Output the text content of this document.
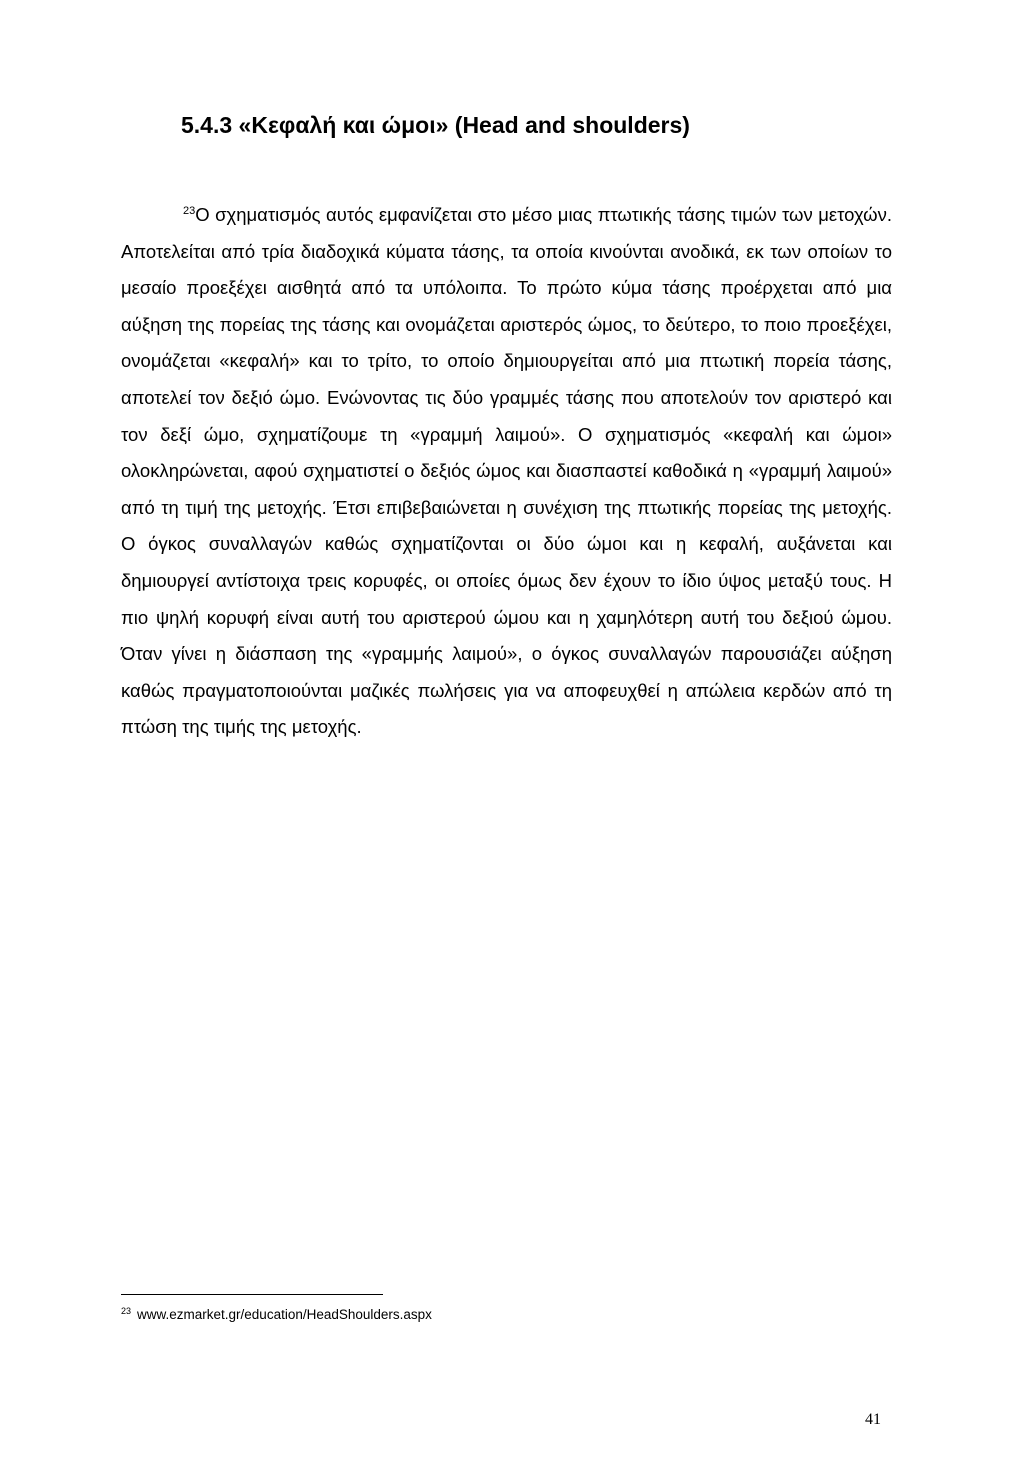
5.4.3 «Κεφαλή και ώμοι» (Head and shoulders)

$^{23}$Ο σχηματισμός αυτός εμφανίζεται στο μέσο μιας πτωτικής τάσης τιμών των μετοχών. Αποτελείται από τρία διαδοχικά κύματα τάσης, τα οποία κινούνται ανοδικά, εκ των οποίων το μεσαίο προεξέχει αισθητά από τα υπόλοιπα. Το πρώτο κύμα τάσης προέρχεται από μια αύξηση της πορείας της τάσης και ονομάζεται αριστερός ώμος, το δεύτερο, το ποιο προεξέχει, ονομάζεται «κεφαλή» και το τρίτο, το οποίο δημιουργείται από μια πτωτική πορεία τάσης, αποτελεί τον δεξιό ώμο. Ενώνοντας τις δύο γραμμές τάσης που αποτελούν τον αριστερό και τον δεξί ώμο, σχηματίζουμε τη «γραμμή λαιμού». Ο σχηματισμός «κεφαλή και ώμοι» ολοκληρώνεται, αφού σχηματιστεί ο δεξιός ώμος και διασπαστεί καθοδικά η «γραμμή λαιμού» από τη τιμή της μετοχής. Έτσι επιβεβαιώνεται η συνέχιση της πτωτικής πορείας της μετοχής. Ο όγκος συναλλαγών καθώς σχηματίζονται οι δύο ώμοι και η κεφαλή, αυξάνεται και δημιουργεί αντίστοιχα τρεις κορυφές, οι οποίες όμως δεν έχουν το ίδιο ύψος μεταξύ τους. Η πιο ψηλή κορυφή είναι αυτή του αριστερού ώμου και η χαμηλότερη αυτή του δεξιού ώμου. Όταν γίνει η διάσπαση της «γραμμής λαιμού», ο όγκος συναλλαγών παρουσιάζει αύξηση καθώς πραγματοποιούνται μαζικές πωλήσεις για να αποφευχθεί η απώλεια κερδών από τη πτώση της τιμής της μετοχής.

$^{23}$ www.ezmarket.gr/education/HeadShoulders.aspx

41
